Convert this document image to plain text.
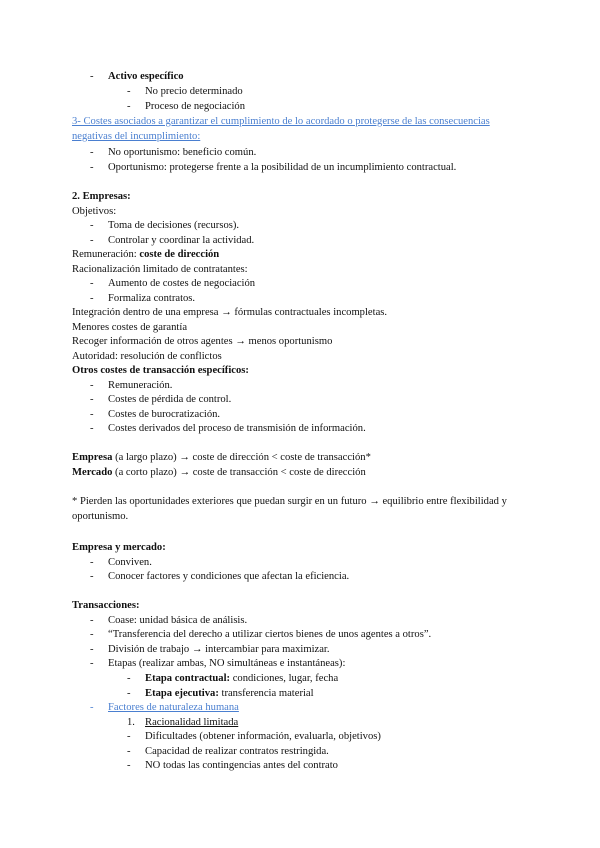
- Activo específico
- No precio determinado
- Proceso de negociación
3- Costes asociados a garantizar el cumplimiento de lo acordado o protegerse de las consecuencias negativas del incumplimiento:
- No oportunismo: beneficio común.
- Oportunismo: protegerse frente a la posibilidad de un incumplimiento contractual.
2. Empresas:
Objetivos:
- Toma de decisiones (recursos).
- Controlar y coordinar la actividad.
Remuneración: coste de dirección
Racionalización limitado de contratantes:
- Aumento de costes de negociación
- Formaliza contratos.
Integración dentro de una empresa → fórmulas contractuales incompletas.
Menores costes de garantía
Recoger información de otros agentes → menos oportunismo
Autoridad: resolución de conflictos
Otros costes de transacción específicos:
- Remuneración.
- Costes de pérdida de control.
- Costes de burocratización.
- Costes derivados del proceso de transmisión de información.
Empresa (a largo plazo) → coste de dirección < coste de transacción*
Mercado (a corto plazo) → coste de transacción < coste de dirección
* Pierden las oportunidades exteriores que puedan surgir en un futuro → equilibrio entre flexibilidad y oportunismo.
Empresa y mercado:
- Conviven.
- Conocer factores y condiciones que afectan la eficiencia.
Transacciones:
- Coase: unidad básica de análisis.
- “Transferencia del derecho a utilizar ciertos bienes de unos agentes a otros”.
- División de trabajo → intercambiar para maximizar.
- Etapas (realizar ambas, NO simultáneas e instantáneas):
- Etapa contractual: condiciones, lugar, fecha
- Etapa ejecutiva: transferencia material
- Factores de naturaleza humana
1. Racionalidad limitada
- Dificultades (obtener información, evaluarla, objetivos)
- Capacidad de realizar contratos restringida.
- NO todas las contingencias antes del contrato
